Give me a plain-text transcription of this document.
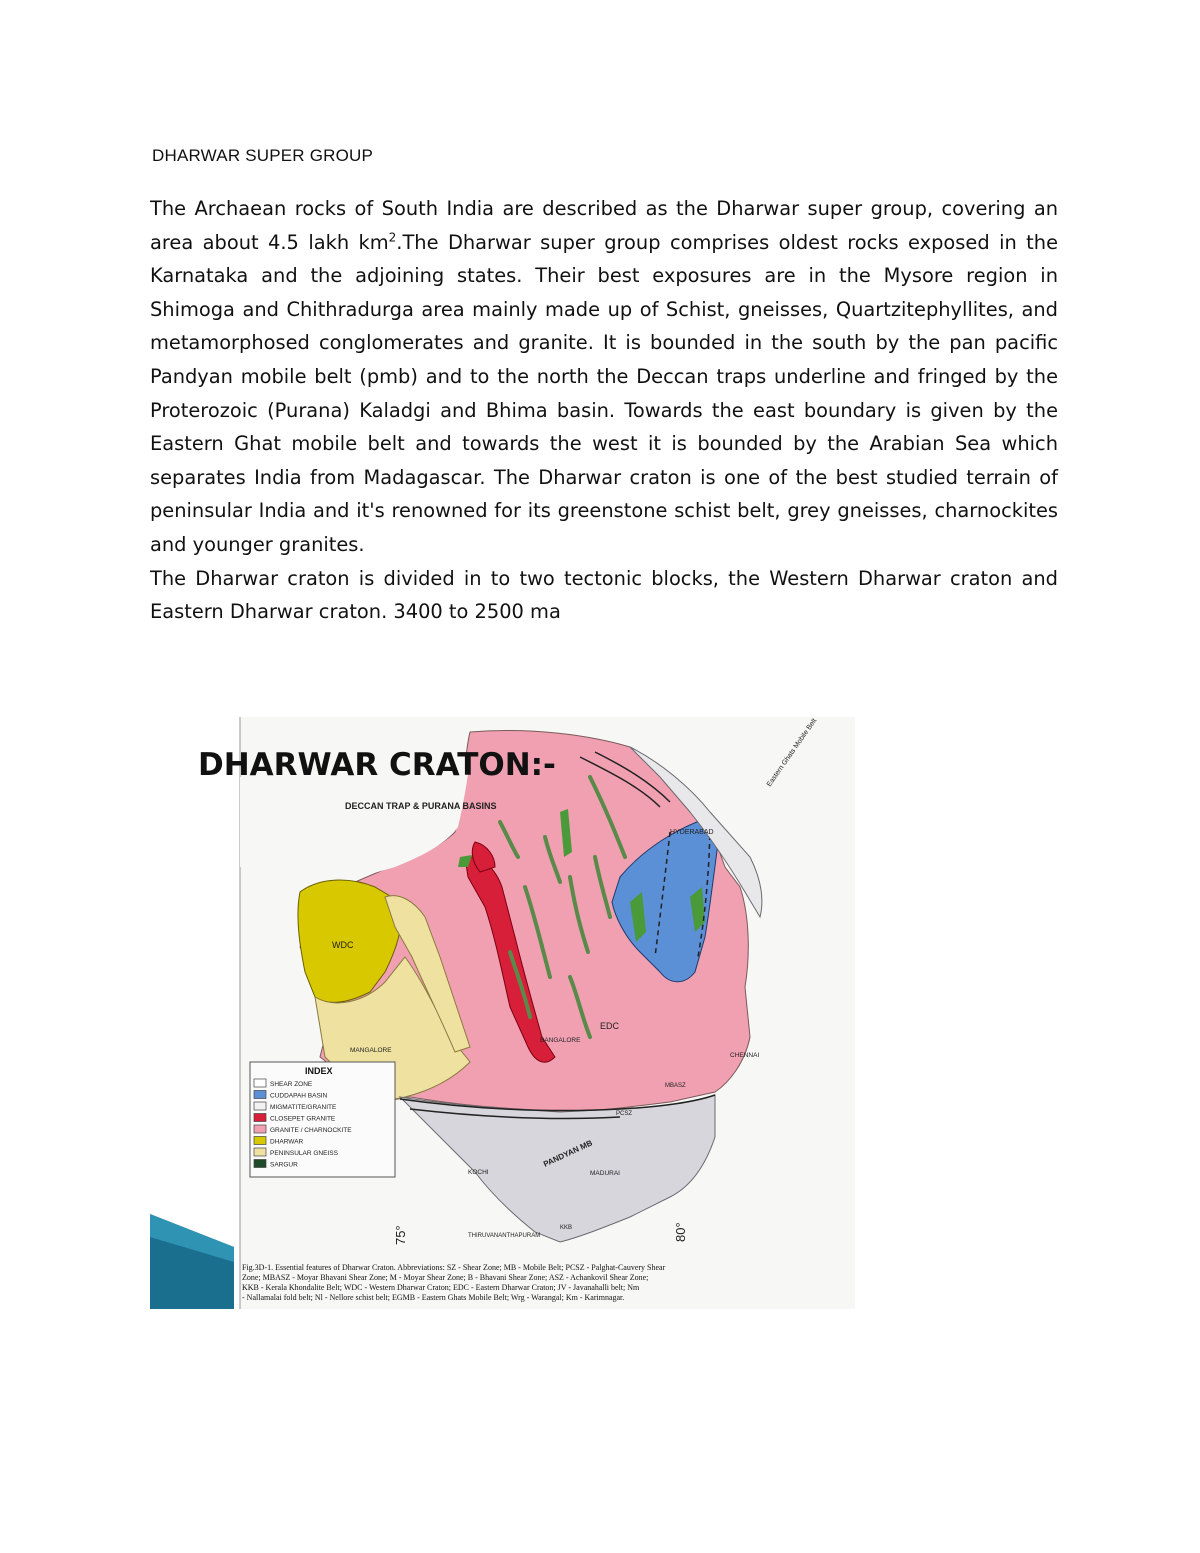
DHARWAR SUPER GROUP

The Archaean rocks of South India are described as the Dharwar super group, covering an area about 4.5 lakh $km^2.The$ Dharwar super group comprises oldest rocks exposed in the Karnataka and the adjoining states. Their best exposures are in the Mysore region in Shimoga and Chithradurga area mainly made up of Schist, gneisses, Quartzitephyllites, and metamorphosed conglomerates and granite. It is bounded in the south by the pan pacific Pandyan mobile belt (pmb) and to the north the Deccan traps underline and fringed by the Proterozoic (Purana) Kaladgi and Bhima basin. Towards the east boundary is given by the Eastern Ghat mobile belt and towards the west it is bounded by the Arabian Sea which separates India from Madagascar. The Dharwar craton is one of the best studied terrain of peninsular India and it's renowned for its greenstone schist belt, grey gneisses, charnockites and younger granites.

The Dharwar craton is divided in to two tectonic blocks, the Western Dharwar craton and Eastern Dharwar craton. 3400 to 2500 ma

DHARWAR CRATON:-
DECCAN TRAP & PURANA BASINS
HYDERABAD
Eastern Ghats Mobile Belt
WDC
EDC
BANGALORE
MANGALORE
CHENNAI
PANDYAN MB
KOCHI	MADURAI
THIRUVANANTHAPURAM
PCSZ
MBASZ
KKB
75°	80°
INDEX
SHEAR ZONE
CUDDAPAH BASIN
MIGMATITE/GRANITE
CLOSEPET GRANITE
GRANITE / CHARNOCKITE
DHARWAR
PENINSULAR GNEISS
SARGUR
Fig.3D-1. Essential features of Dharwar Craton. Abbreviations: SZ - Shear Zone; MB - Mobile Belt; PCSZ - Palghat-Cauvery Shear
Zone; MBASZ - Moyar Bhavani Shear Zone; M - Moyar Shear Zone; B - Bhavani Shear Zone; ASZ - Achankovil Shear Zone;
KKB - Kerala Khondalite Belt; WDC - Western Dharwar Craton; EDC - Eastern Dharwar Craton; JV - Javanahalli belt; Nm
- Nallamalai fold belt; Nl - Nellore schist belt; EGMB - Eastern Ghats Mobile Belt; Wrg - Warangal; Km - Karimnagar.
